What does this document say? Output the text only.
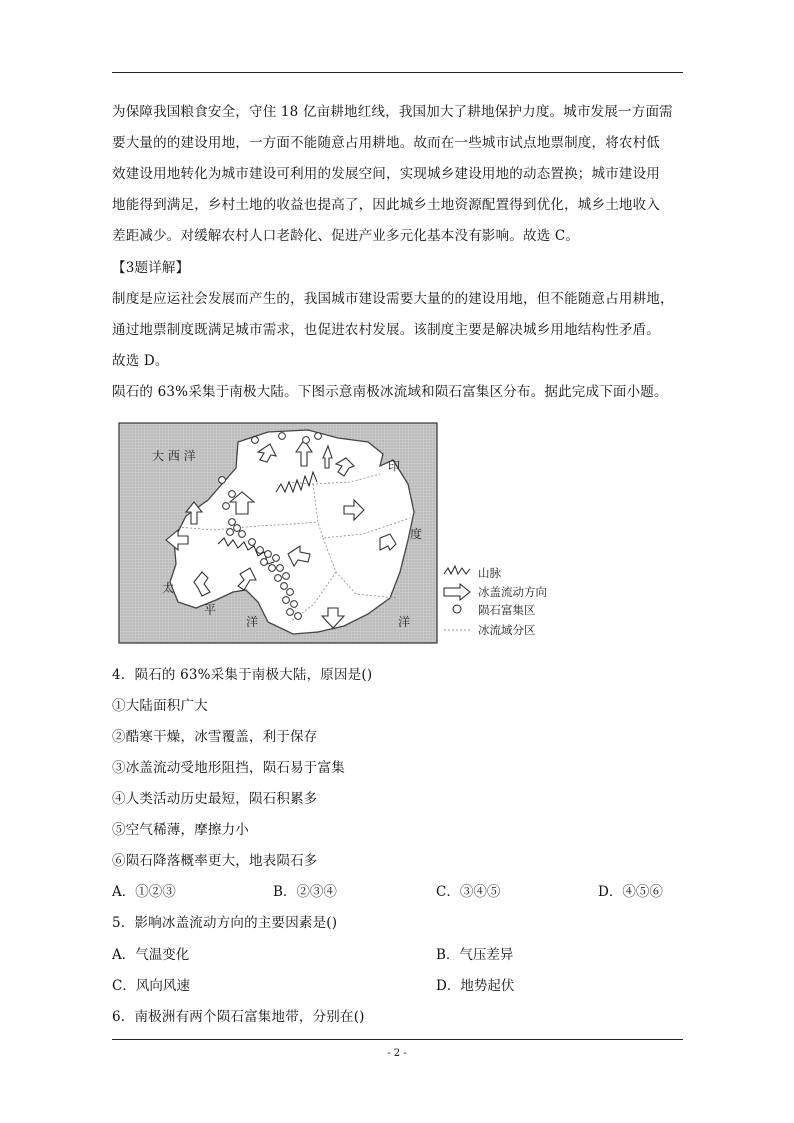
为保障我国粮食安全，守住 18 亿亩耕地红线，我国加大了耕地保护力度。城市发展一方面需
要大量的的建设用地，一方面不能随意占用耕地。故而在一些城市试点地票制度，将农村低
效建设用地转化为城市建设可利用的发展空间，实现城乡建设用地的动态置换；城市建设用
地能得到满足，乡村土地的收益也提高了，因此城乡土地资源配置得到优化，城乡土地收入
差距减少。对缓解农村人口老龄化、促进产业多元化基本没有影响。故选 C。
【3题详解】
制度是应运社会发展而产生的，我国城市建设需要大量的的建设用地，但不能随意占用耕地，
通过地票制度既满足城市需求，也促进农村发展。该制度主要是解决城乡用地结构性矛盾。
故选 D。
陨石的 63%采集于南极大陆。下图示意南极冰流域和陨石富集区分布。据此完成下面小题。
大 西 洋
印
度
洋
太
平
洋
山脉
冰盖流动方向
陨石富集区
冰流域分区
4．陨石的 63%采集于南极大陆，原因是()
①大陆面积广大
②酷寒干燥，冰雪覆盖，利于保存
③冰盖流动受地形阻挡，陨石易于富集
④人类活动历史最短，陨石积累多
⑤空气稀薄，摩擦力小
⑥陨石降落概率更大，地表陨石多
A．①②③	B．②③④	C．③④⑤	D．④⑤⑥
5．影响冰盖流动方向的主要因素是()
A．气温变化	B．气压差异
C．风向风速	D．地势起伏
6．南极洲有两个陨石富集地带，分别在()
- 2 -
